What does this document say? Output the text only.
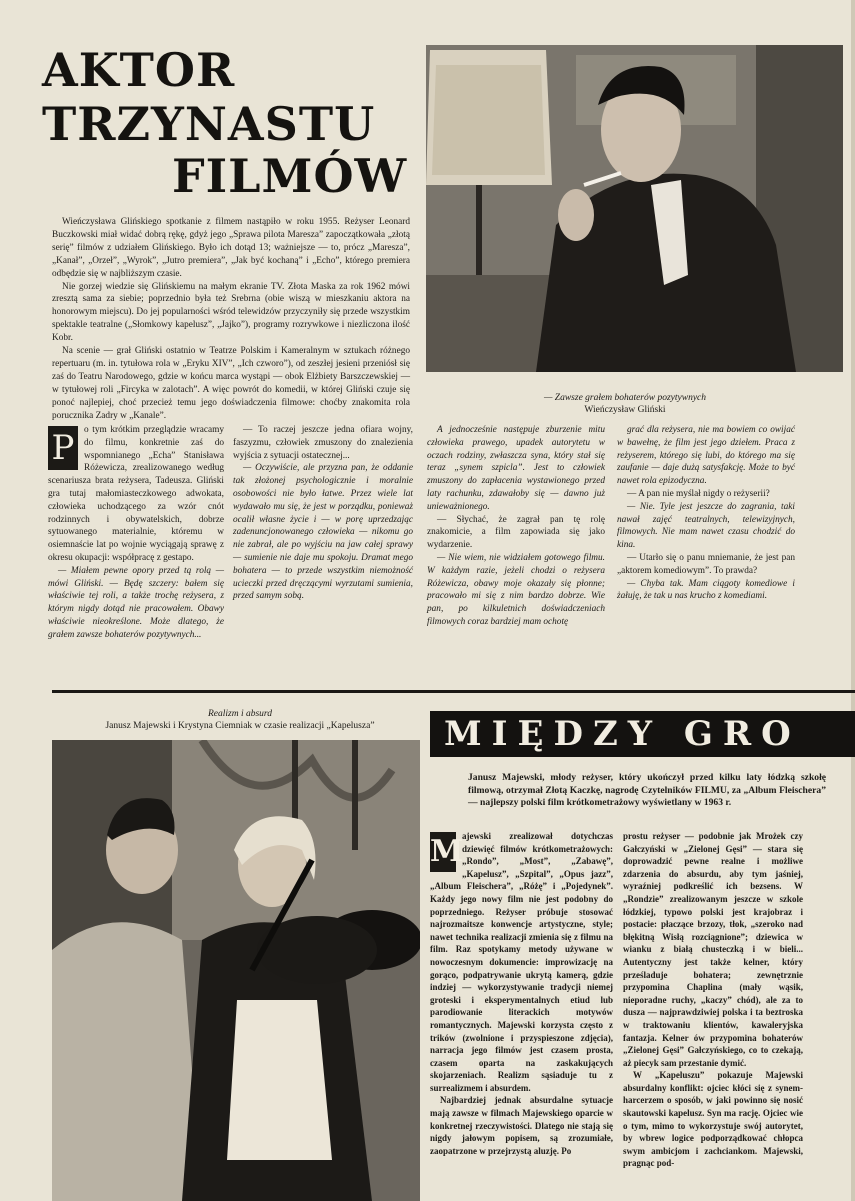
AKTOR
TRZYNASTU
FILMÓW

Wieńczysława Glińskiego spotkanie z filmem nastąpiło w roku 1955. Reżyser Leonard Buczkowski miał widać dobrą rękę, gdyż jego „Sprawa pilota Maresza” zapoczątkowała „złotą serię” filmów z udziałem Glińskiego. Było ich dotąd 13; ważniejsze — to, prócz „Maresza”, „Kanał”, „Orzeł”, „Wyrok”, „Jutro premiera”, „Jak być kochaną” i „Echo”, którego premiera odbędzie się w najbliższym czasie.

Nie gorzej wiedzie się Glińskiemu na małym ekranie TV. Złota Maska za rok 1962 mówi zresztą sama za siebie; poprzednio była też Srebrna (obie wiszą w mieszkaniu aktora na honorowym miejscu). Do jej popularności wśród telewidzów przyczyniły się przede wszystkim spektakle teatralne („Słomkowy kapelusz”, „Jajko”), programy rozrywkowe i niezliczona ilość Kobr.

Na scenie — grał Gliński ostatnio w Teatrze Polskim i Kameralnym w sztukach różnego repertuaru (m. in. tytułowa rola w „Eryku XIV”, „Ich czworo”), od zeszłej jesieni przeniósł się zaś do Teatru Narodowego, gdzie w końcu marca wystąpi — obok Elżbiety Barszczewskiej — w tytułowej roli „Fircyka w zalotach”. A więc powrót do komedii, w której Gliński czuje się ponoć najlepiej, choć przecież temu jego doświadczenia filmowe: choćby znakomita rola porucznika Zadry w „Kanale”.

— Zawsze grałem bohaterów pozytywnych
Wieńczysław Gliński
P	o tym krótkim przeglądzie wracamy do filmu, konkretnie zaś do wspomnianego „Echa” Stanisława Różewicza, zrealizowanego według scenariusza brata reżysera, Tadeusza. Gliński gra tutaj małomiasteczkowego adwokata, człowieka uchodzącego za wzór cnót rodzinnych i obywatelskich, dobrze sytuowanego materialnie, któremu w osiemnaście lat po wojnie wyciągają sprawę z okresu okupacji: współpracę z gestapo.

— Miałem pewne opory przed tą rolą — mówi Gliński. — Będę szczery: bałem się właściwie tej roli, a także trochę reżysera, z którym nigdy dotąd nie pracowałem. Obawy właściwie nieokreślone. Może dlatego, że grałem zawsze bohaterów pozytywnych...

— To raczej jeszcze jedna ofiara wojny, faszyzmu, człowiek zmuszony do znalezienia wyjścia z sytuacji ostatecznej...

— Oczywiście, ale przyzna pan, że oddanie tak złożonej psychologicznie i moralnie osobowości nie było łatwe. Przez wiele lat wydawało mu się, że jest w porządku, ponieważ ocalił własne życie i — w porę uprzedzając zadenuncjonowanego człowieka — nikomu go nie zabrał, ale po wyjściu na jaw całej sprawy — sumienie nie daje mu spokoju. Dramat mego bohatera — to przede wszystkim niemożność ucieczki przed dręczącymi wyrzutami sumienia, przed samym sobą.

A jednocześnie następuje zburzenie mitu człowieka prawego, upadek autorytetu w oczach rodziny, zwłaszcza syna, który stał się teraz „synem szpicla”. Jest to człowiek zmuszony do zapłacenia wystawionego przed laty rachunku, zdawałoby się — dawno już unieważnionego.

— Słychać, że zagrał pan tę rolę znakomicie, a film zapowiada się jako wydarzenie.

— Nie wiem, nie widziałem gotowego filmu. W każdym razie, jeżeli chodzi o reżysera Różewicza, obawy moje okazały się płonne; pracowało mi się z nim bardzo dobrze. Wie pan, po kilkuletnich doświadczeniach filmowych coraz bardziej mam ochotę

grać dla reżysera, nie ma bowiem co owijać w bawełnę, że film jest jego dziełem. Praca z reżyserem, którego się lubi, do którego ma się zaufanie — daje dużą satysfakcję. Może to być nawet rola epizodyczna.

— A pan nie myślał nigdy o reżyserii?

— Nie. Tyle jest jeszcze do zagrania, taki nawał zajęć teatralnych, telewizyjnych, filmowych. Nie mam nawet czasu chodzić do kina.

— Utarło się o panu mniemanie, że jest pan „aktorem komediowym”. To prawda?

— Chyba tak. Mam ciągoty komediowe i żałuję, że tak u nas krucho z komediami.

Realizm i absurd
Janusz Majewski i Krystyna Ciemniak w czasie realizacji „Kapelusza”	MIĘDZY GRO
Janusz Majewski, młody reżyser, który ukończył przed kilku laty łódzką szkołę filmową, otrzymał Złotą Kaczkę, nagrodę Czytelników FILMU, za „Album Fleischera” — najlepszy polski film krótkometrażowy wyświetlany w 1963 r.
M

ajewski zrealizował dotychczas dziewięć filmów krótkometrażowych: „Rondo”, „Most”, „Zabawę”, „Kapelusz”, „Szpital”, „Opus jazz”, „Album Fleischera”, „Różę” i „Pojedynek”. Każdy jego nowy film nie jest podobny do poprzedniego. Reżyser próbuje stosować najrozmaitsze konwencje artystyczne, style; nawet technika realizacji zmienia się z filmu na film. Raz spotykamy metody używane w nowoczesnym dokumencie: improwizację na gorąco, podpatrywanie ukrytą kamerą, gdzie indziej — wykorzystywanie tradycji niemej groteski i eksperymentalnych etiud lub parodiowanie literackich motywów romantycznych. Majewski korzysta często z trików (zwolnione i przyspieszone zdjęcia), narracja jego filmów jest czasem prosta, czasem oparta na zaskakujących skojarzeniach. Realizm sąsiaduje tu z surrealizmem i absurdem.

Najbardziej jednak absurdalne sytuacje mają zawsze w filmach Majewskiego oparcie w konkretnej rzeczywistości. Dlatego nie stają się nigdy jałowym popisem, są zrozumiałe, zaopatrzone w przejrzystą aluzję. Po

prostu reżyser — podobnie jak Mrożek czy Gałczyński w „Zielonej Gęsi” — stara się doprowadzić pewne realne i możliwe zdarzenia do absurdu, aby tym jaśniej, wyraźniej podkreślić ich bezsens. W „Rondzie” zrealizowanym jeszcze w szkole łódzkiej, typowo polski jest krajobraz i postacie: płaczące brzozy, tłok, „szeroko nad błękitną Wisłą rozciągnione”; dziewica w wianku z białą chusteczką i w bieli... Autentyczny jest także kelner, który prześladuje bohatera; zewnętrznie przypomina Chaplina (mały wąsik, nieporadne ruchy, „kaczy” chód), ale za to dusza — najprawdziwiej polska i ta beztroska w traktowaniu klientów, kawaleryjska fantazja. Kelner ów przypomina bohaterów „Zielonej Gęsi” Gałczyńskiego, co to czekają, aż piecyk sam przestanie dymić.

W „Kapeluszu” pokazuje Majewski absurdalny konflikt: ojciec kłóci się z synem-harcerzem o sposób, w jaki powinno się nosić skautowski kapelusz. Syn ma rację. Ojciec wie o tym, mimo to wykorzystuje swój autorytet, by wbrew logice podporządkować chłopca swym ambicjom i zachciankom. Majewski, pragnąc pod-
